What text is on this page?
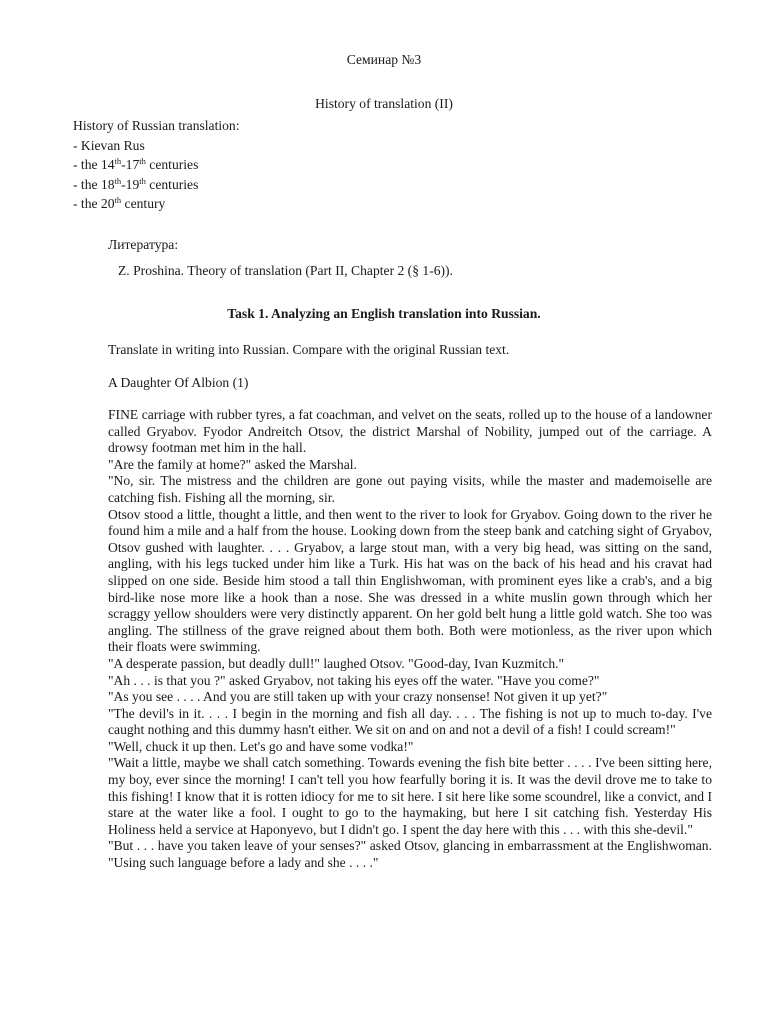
Семинар №3
History of translation (II)
History of Russian translation:
- Kievan Rus
- the 14th-17th centuries
- the 18th-19th centuries
- the 20th century
Литература:
Z. Proshina. Theory of translation (Part II, Chapter 2 (§ 1-6)).
Task 1. Analyzing an English translation into Russian.
Translate in writing into Russian. Compare with the original Russian text.
A Daughter Of Albion (1)

FINE carriage with rubber tyres, a fat coachman, and velvet on the seats, rolled up to the house of a landowner called Gryabov. Fyodor Andreitch Otsov, the district Marshal of Nobility, jumped out of the carriage. A drowsy footman met him in the hall.

"Are the family at home?" asked the Marshal.

"No, sir. The mistress and the children are gone out paying visits, while the master and mademoiselle are catching fish. Fishing all the morning, sir.

Otsov stood a little, thought a little, and then went to the river to look for Gryabov. Going down to the river he found him a mile and a half from the house. Looking down from the steep bank and catching sight of Gryabov, Otsov gushed with laughter. . . . Gryabov, a large stout man, with a very big head, was sitting on the sand, angling, with his legs tucked under him like a Turk. His hat was on the back of his head and his cravat had slipped on one side. Beside him stood a tall thin Englishwoman, with prominent eyes like a crab's, and a big bird-like nose more like a hook than a nose. She was dressed in a white muslin gown through which her scraggy yellow shoulders were very distinctly apparent. On her gold belt hung a little gold watch. She too was angling. The stillness of the grave reigned about them both. Both were motionless, as the river upon which their floats were swimming.

"A desperate passion, but deadly dull!" laughed Otsov. "Good-day, Ivan Kuzmitch."

"Ah . . . is that you ?" asked Gryabov, not taking his eyes off the water. "Have you come?"

"As you see . . . . And you are still taken up with your crazy nonsense! Not given it up yet?"

"The devil's in it. . . . I begin in the morning and fish all day. . . . The fishing is not up to much to-day. I've caught nothing and this dummy hasn't either. We sit on and on and not a devil of a fish! I could scream!"

"Well, chuck it up then. Let's go and have some vodka!"

"Wait a little, maybe we shall catch something. Towards evening the fish bite better . . . . I've been sitting here, my boy, ever since the morning! I can't tell you how fearfully boring it is. It was the devil drove me to take to this fishing! I know that it is rotten idiocy for me to sit here. I sit here like some scoundrel, like a convict, and I stare at the water like a fool. I ought to go to the haymaking, but here I sit catching fish. Yesterday His Holiness held a service at Haponyevo, but I didn't go. I spent the day here with this . . . with this she-devil."

"But . . . have you taken leave of your senses?" asked Otsov, glancing in embarrassment at the Englishwoman. "Using such language before a lady and she . . . ."
